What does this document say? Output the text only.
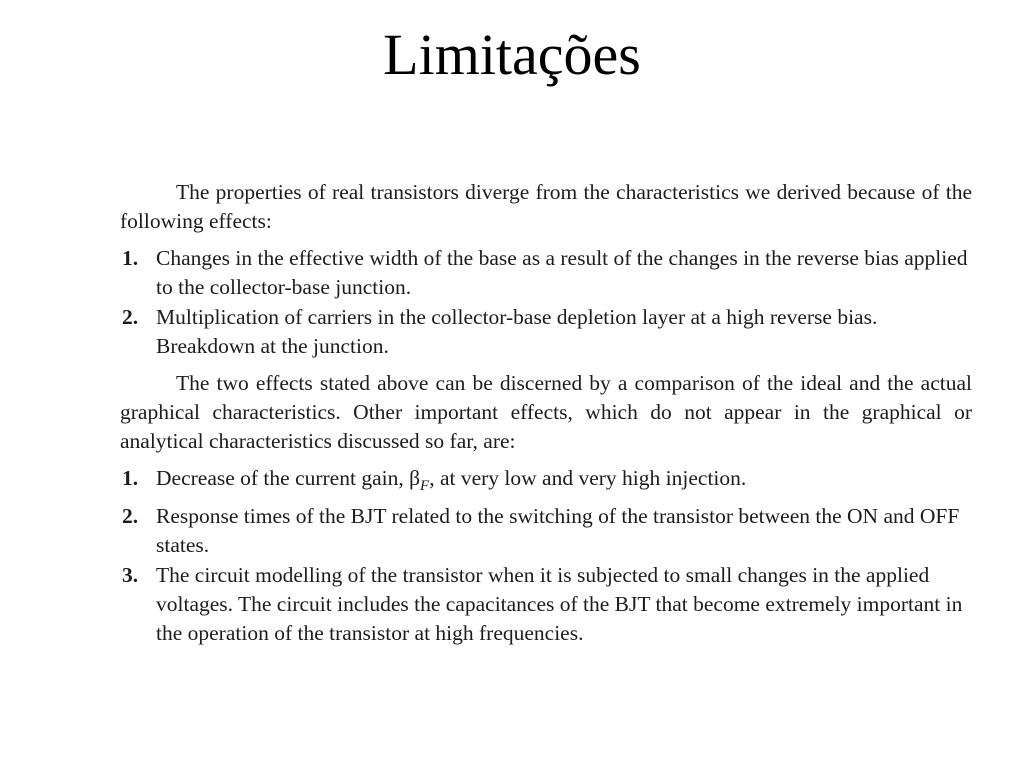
Limitações

The properties of real transistors diverge from the characteristics we derived because of the following effects:

1. Changes in the effective width of the base as a result of the changes in the reverse bias applied to the collector-base junction.
2. Multiplication of carriers in the collector-base depletion layer at a high reverse bias. Breakdown at the junction.

The two effects stated above can be discerned by a comparison of the ideal and the actual graphical characteristics. Other important effects, which do not appear in the graphical or analytical characteristics discussed so far, are:

1. Decrease of the current gain, $\beta_F$, at very low and very high injection.
2. Response times of the BJT related to the switching of the transistor between the ON and OFF states.
3. The circuit modelling of the transistor when it is subjected to small changes in the applied voltages. The circuit includes the capacitances of the BJT that become extremely important in the operation of the transistor at high frequencies.
